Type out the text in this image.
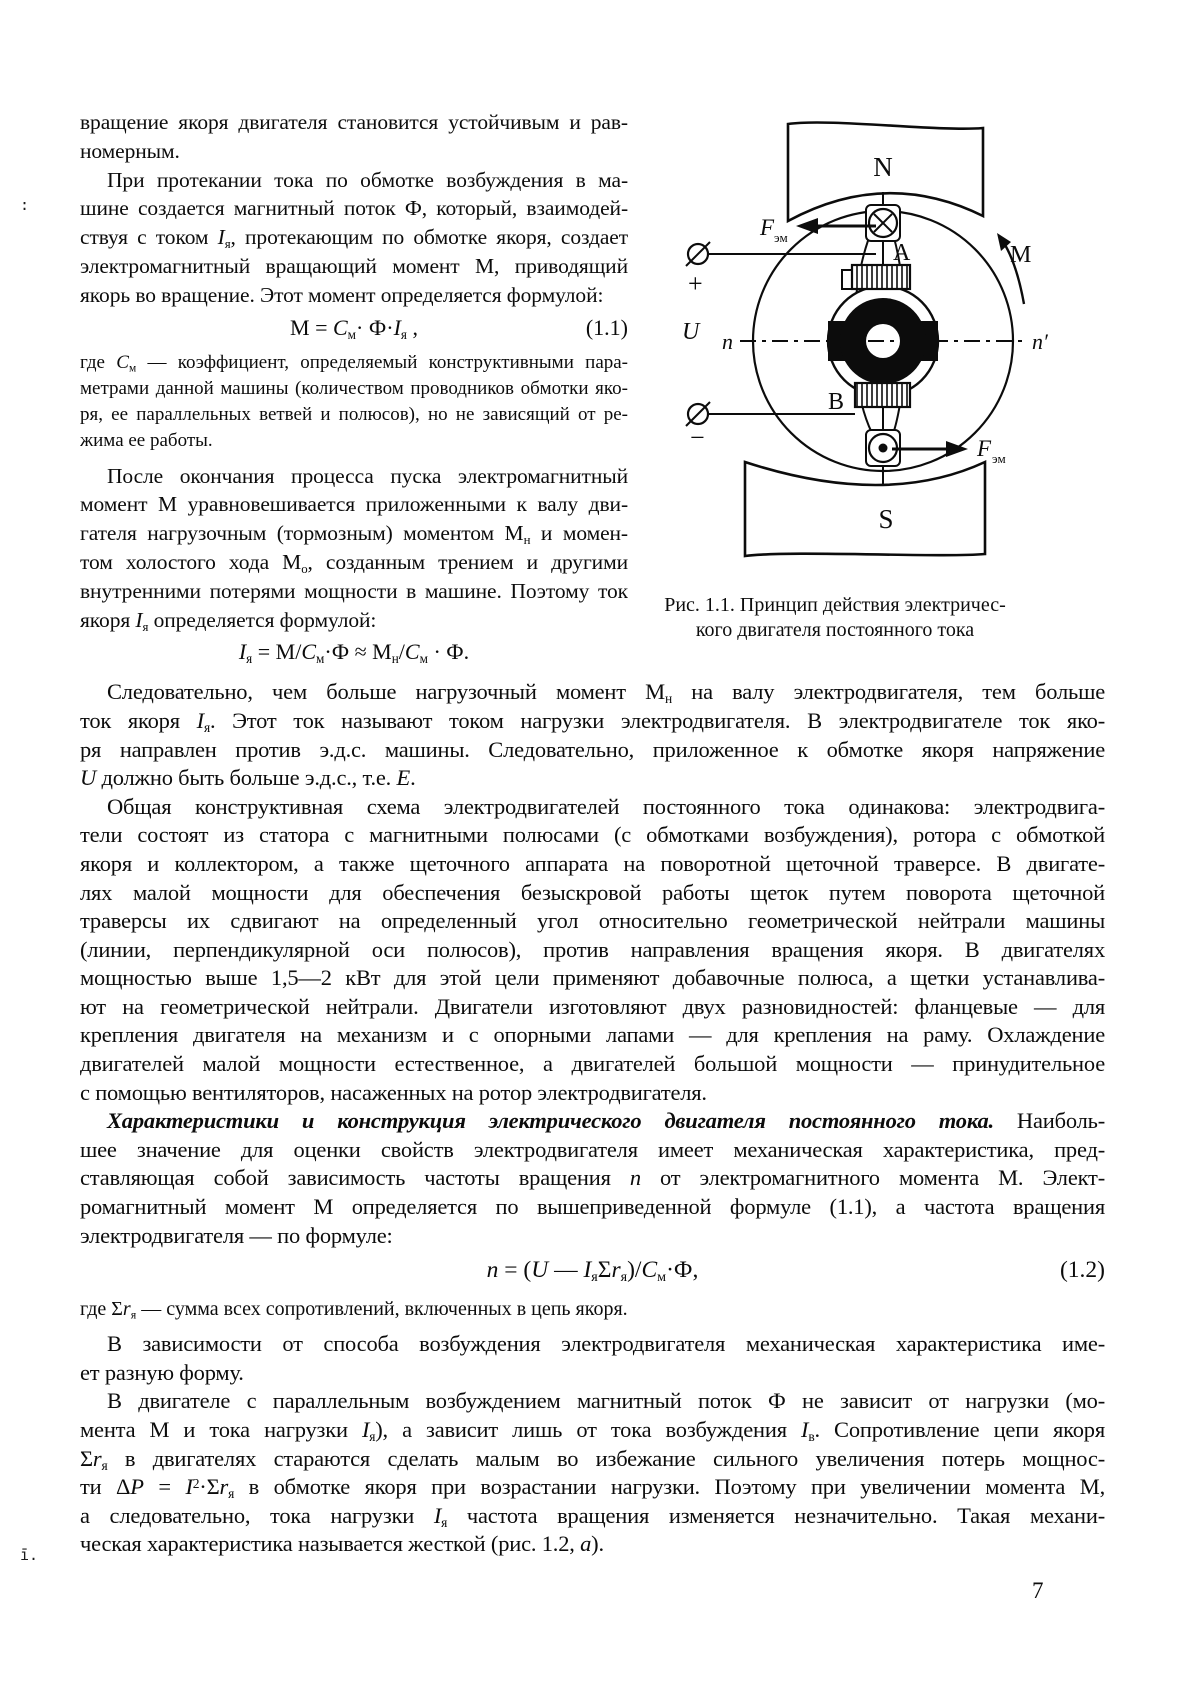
:
ī.
вращение якоря двигателя становится устойчивым и рав-
номерным.
При протекании тока по обмотке возбуждения в ма-
шине создается магнитный поток Ф, который, взаимодей-
ствуя с током $I_я$, протекающим по обмотке якоря, создает
электромагнитный вращающий момент М, приводящий
якорь во вращение. Этот момент определяется формулой:
$М = С_м\cdot Ф\cdot I_я$ ,	(1.1)
где $С_м$ — коэффициент, определяемый конструктивными пара-
метрами данной машины (количеством проводников обмотки яко-
ря, ее параллельных ветвей и полюсов), но не зависящий от ре-
жима ее работы.
После окончания процесса пуска электромагнитный
момент М уравновешивается приложенными к валу дви-
гателя нагрузочным (тормозным) моментом $М_н$ и момен-
том холостого хода $М_о$, созданным трением и другими
внутренними потерями мощности в машине. Поэтому ток
якоря $I_я$ определяется формулой:
$I_я = М/С_м\cdot Ф \approx М_н/С_м \cdot Ф$.
N
S
A
B
M
n	n′
U
+
−
F эм
F эм
Рис. 1.1. Принцип действия электричес-
кого двигателя постоянного тока
Следовательно, чем больше нагрузочный момент $М_н$ на валу электродвигателя, тем больше
ток якоря $I_я$. Этот ток называют током нагрузки электродвигателя. В электродвигателе ток яко-
ря направлен против э.д.с. машины. Следовательно, приложенное к обмотке якоря напряжение
U должно быть больше э.д.с., т.е. Е.
Общая конструктивная схема электродвигателей постоянного тока одинакова: электродвига-
тели состоят из статора с магнитными полюсами (с обмотками возбуждения), ротора с обмоткой
якоря и коллектором, а также щеточного аппарата на поворотной щеточной траверсе. В двигате-
лях малой мощности для обеспечения безыскровой работы щеток путем поворота щеточной
траверсы их сдвигают на определенный угол относительно геометрической нейтрали машины
(линии, перпендикулярной оси полюсов), против направления вращения якоря. В двигателях
мощностью выше 1,5—2 кВт для этой цели применяют добавочные полюса, а щетки устанавлива-
ют на геометрической нейтрали. Двигатели изготовляют двух разновидностей: фланцевые — для
крепления двигателя на механизм и с опорными лапами — для крепления на раму. Охлаждение
двигателей малой мощности естественное, а двигателей большой мощности — принудительное
с помощью вентиляторов, насаженных на ротор электродвигателя.
Характеристики и конструкция электрического двигателя постоянного тока. Наиболь-
шее значение для оценки свойств электродвигателя имеет механическая характеристика, пред-
ставляющая собой зависимость частоты вращения n от электромагнитного момента М. Элект-
ромагнитный момент М определяется по вышеприведенной формуле (1.1), а частота вращения
электродвигателя — по формуле:
n = (U — $I_я\Sigma r_я)/С_м\cdot Ф$,	(1.2)
где $\Sigma r_я$ — сумма всех сопротивлений, включенных в цепь якоря.
В зависимости от способа возбуждения электродвигателя механическая характеристика име-
ет разную форму.
В двигателе с параллельным возбуждением магнитный поток Ф не зависит от нагрузки (мо-
мента М и тока нагрузки $I_я$), а зависит лишь от тока возбуждения $I_в$. Сопротивление цепи якоря
$\Sigma r_я$ в двигателях стараются сделать малым во избежание сильного увеличения потерь мощнос-
ти $\Delta P = I^2\cdot\Sigma r_я$ в обмотке якоря при возрастании нагрузки. Поэтому при увеличении момента М,
а следовательно, тока нагрузки $I_я$ частота вращения изменяется незначительно. Такая механи-
ческая характеристика называется жесткой (рис. 1.2, а).
7
